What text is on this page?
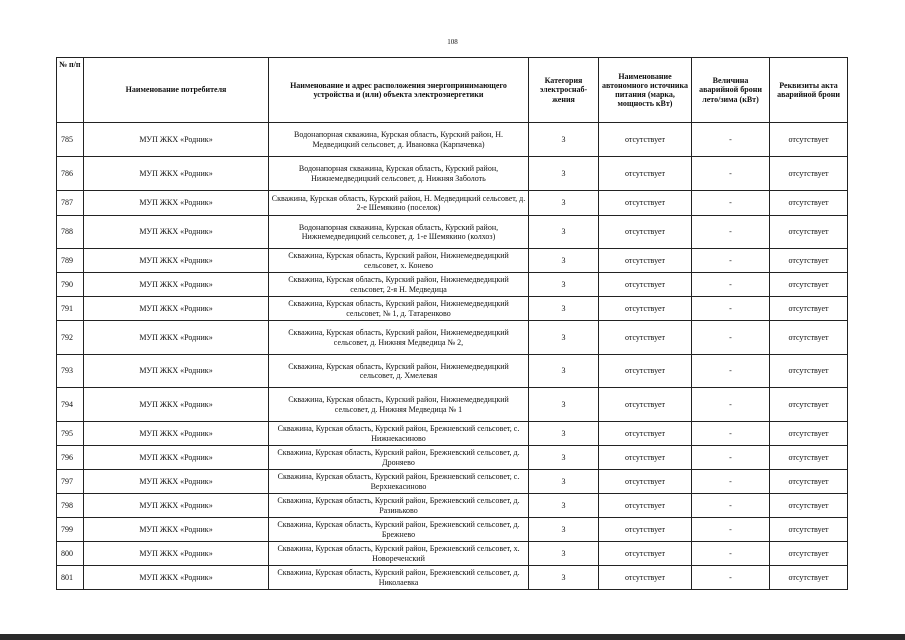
108
№ п/п	Наименование потребителя	Наименование и адрес расположения энергопринимающего устройства и (или) объекта электроэнергетики	Категория электроснаб-жения	Наименование автономного источника питания (марка, мощность кВт)	Величина аварийной брони лето/зима (кВт)	Реквизиты акта аварийной брони
785	МУП ЖКХ «Родник»	Водонапорная скважина, Курская область, Курский район, Н. Медведицкий сельсовет, д. Ивановка (Карпачевка)	3	отсутствует	-	отсутствует
786	МУП ЖКХ «Родник»	Водонапорная скважина, Курская область, Курский район, Нижнемедведицкий сельсовет, д. Нижняя Заболоть	3	отсутствует	-	отсутствует
787	МУП ЖКХ «Родник»	Скважина, Курская область, Курский район, Н. Медведицкий сельсовет, д. 2-е Шемякино (поселок)	3	отсутствует	-	отсутствует
788	МУП ЖКХ «Родник»	Водонапорная скважина, Курская область, Курский район, Нижнемедведицкий сельсовет, д. 1-е Шемякино (колхоз)	3	отсутствует	-	отсутствует
789	МУП ЖКХ «Родник»	Скважина, Курская область, Курский район, Нижнемедведицкий сельсовет, х. Конево	3	отсутствует	-	отсутствует
790	МУП ЖКХ «Родник»	Скважина, Курская область, Курский район, Нижнемедведицкий сельсовет, 2-я Н. Медведица	3	отсутствует	-	отсутствует
791	МУП ЖКХ «Родник»	Скважина, Курская область, Курский район, Нижнемедведицкий сельсовет, № 1, д. Татаренково	3	отсутствует	-	отсутствует
792	МУП ЖКХ «Родник»	Скважина, Курская область, Курский район, Нижнемедведицкий сельсовет, д. Нижняя Медведица № 2,	3	отсутствует	-	отсутствует
793	МУП ЖКХ «Родник»	Скважина, Курская область, Курский район, Нижнемедведицкий сельсовет, д. Хмелевая	3	отсутствует	-	отсутствует
794	МУП ЖКХ «Родник»	Скважина, Курская область, Курский район, Нижнемедведицкий сельсовет, д. Нижняя Медведица № 1	3	отсутствует	-	отсутствует
795	МУП ЖКХ «Родник»	Скважина, Курская область, Курский район, Брежневский сельсовет, с. Нижнекасиново	3	отсутствует	-	отсутствует
796	МУП ЖКХ «Родник»	Скважина, Курская область, Курский район, Брежневский сельсовет, д. Дроняево	3	отсутствует	-	отсутствует
797	МУП ЖКХ «Родник»	Скважина, Курская область, Курский район, Брежневский сельсовет, с. Верхнекасиново	3	отсутствует	-	отсутствует
798	МУП ЖКХ «Родник»	Скважина, Курская область, Курский район, Брежневский сельсовет, д. Разиньково	3	отсутствует	-	отсутствует
799	МУП ЖКХ «Родник»	Скважина, Курская область, Курский район, Брежневский сельсовет, д. Брежнево	3	отсутствует	-	отсутствует
800	МУП ЖКХ «Родник»	Скважина, Курская область, Курский район, Брежневский сельсовет, х. Новореченский	3	отсутствует	-	отсутствует
801	МУП ЖКХ «Родник»	Скважина, Курская область, Курский район, Брежневский сельсовет, д. Николаевка	3	отсутствует	-	отсутствует
